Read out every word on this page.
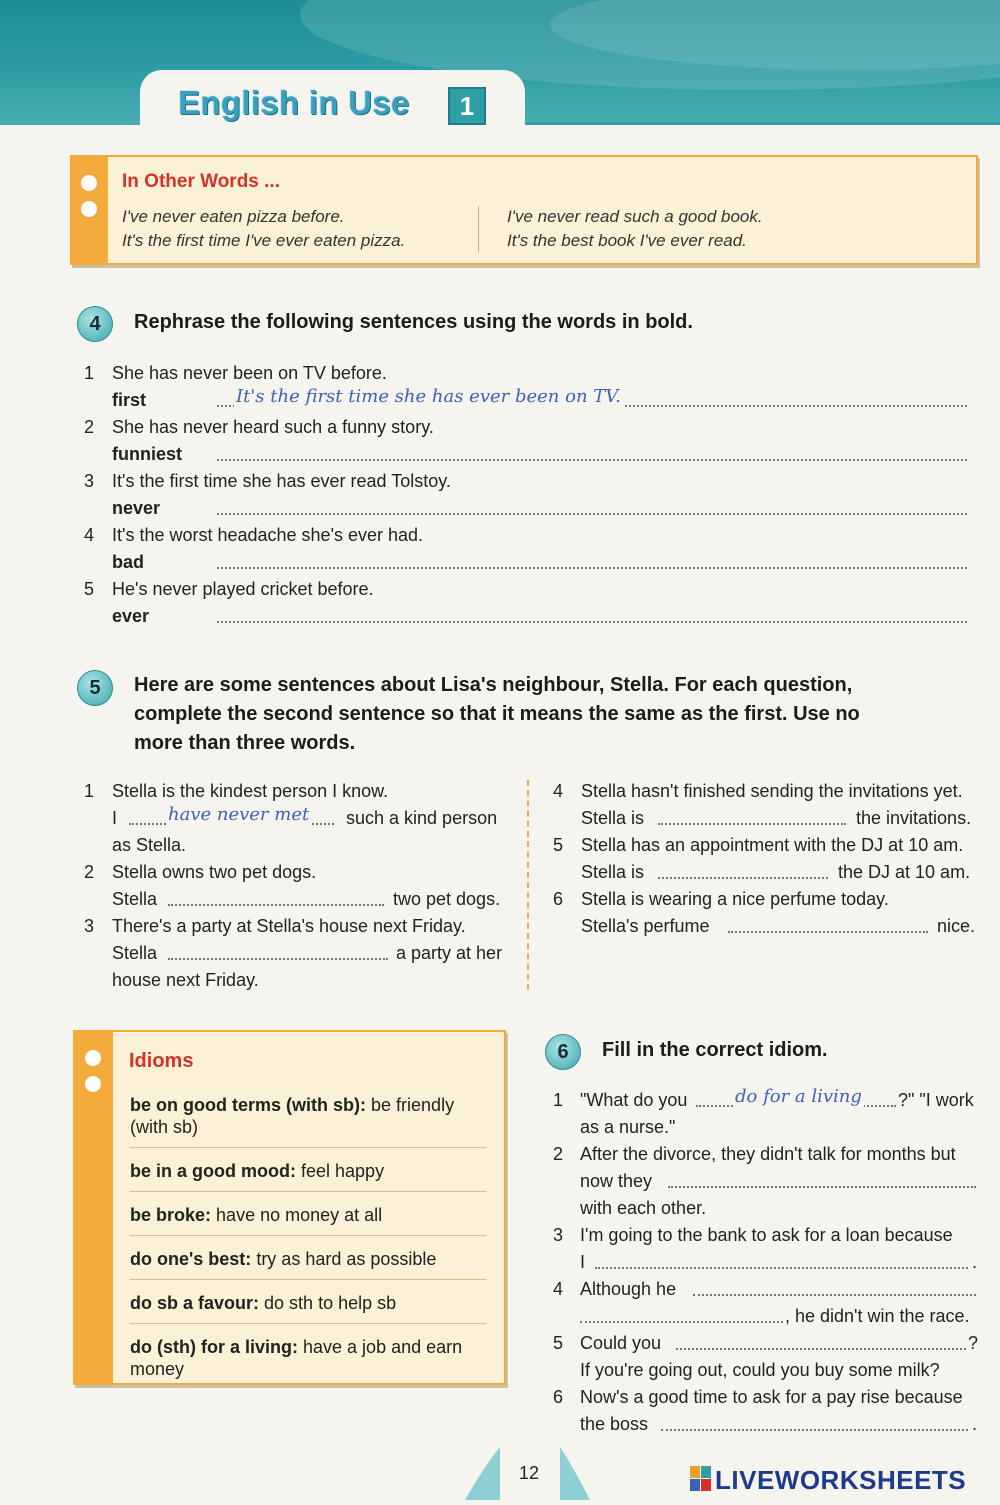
English in Use	1
In Other Words ...
I've never eaten pizza before.
It's the first time I've ever eaten pizza.
I've never read such a good book.
It's the best book I've ever read.
4	Rephrase the following sentences using the words in bold.
1 She has never been on TV before.
first	It's the first time she has ever been on TV.
2 She has never heard such a funny story.
funniest
3 It's the first time she has ever read Tolstoy.
never
4 It's the worst headache she's ever had.
bad
5 He's never played cricket before.
ever
5	Here are some sentences about Lisa's neighbour, Stella. For each question,
complete the second sentence so that it means the same as the first. Use no
more than three words.
1 Stella is the kindest person I know.
I	have never met such a kind person
as Stella.
2 Stella owns two pet dogs.
Stella	two pet dogs.
3 There's a party at Stella's house next Friday.
Stella	a party at her
house next Friday.
4 Stella hasn't finished sending the invitations yet.
Stella is	the invitations.
5 Stella has an appointment with the DJ at 10 am.
Stella is	the DJ at 10 am.
6 Stella is wearing a nice perfume today.
Stella's perfume	nice.
Idioms
be on good terms (with sb): be friendly
(with sb)
be in a good mood: feel happy
be broke: have no money at all
do one's best: try as hard as possible
do sb a favour: do sth to help sb
do (sth) for a living: have a job and earn
money
6	Fill in the correct idiom.
1 "What do you	do for a living ?" "I work
as a nurse."
2 After the divorce, they didn't talk for months but
now they
with each other.
3 I'm going to the bank to ask for a loan because
I	.
4 Although he
, he didn't win the race.
5 Could you	?
If you're going out, could you buy some milk?
6 Now's a good time to ask for a pay rise because
the boss	.
12	LIVEWORKSHEETS
